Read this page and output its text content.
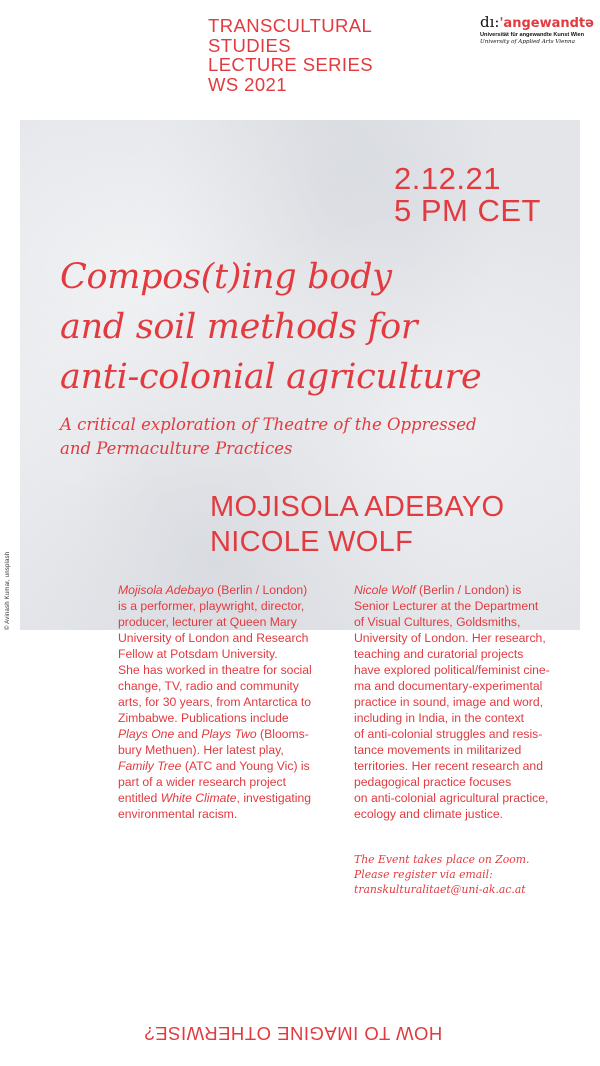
TRANSCULTURAL
STUDIES
LECTURE SERIES
WS 2021
dı:'angewandtə
Universität für angewandte Kunst Wien
University of Applied Arts Vienna
© Avinash Kumar, unsplash
2.12.21
5 PM CET
Compos(t)ing body
and soil methods for
anti-colonial agriculture
A critical exploration of Theatre of the Oppressed
and Permaculture Practices
MOJISOLA ADEBAYO
NICOLE WOLF
Mojisola Adebayo (Berlin / London)
is a performer, playwright, director,
producer, lecturer at Queen Mary
University of London and Research
Fellow at Potsdam University.
She has worked in theatre for social
change, TV, radio and community
arts, for 30 years, from Antarctica to
Zimbabwe. Publications include
Plays One and Plays Two (Blooms-
bury Methuen). Her latest play,
Family Tree (ATC and Young Vic) is
part of a wider research project
entitled White Climate, investigating
environmental racism.
Nicole Wolf (Berlin / London) is
Senior Lecturer at the Department
of Visual Cultures, Goldsmiths,
University of London. Her research,
teaching and curatorial projects
have explored political/feminist cine-
ma and documentary-experimental
practice in sound, image and word,
including in India, in the context
of anti-colonial struggles and resis-
tance movements in militarized
territories. Her recent research and
pedagogical practice focuses
on anti-colonial agricultural practice,
ecology and climate justice.
The Event takes place on Zoom.
Please register via email:
transkulturalitaet@uni-ak.ac.at
HOW TO IMAGINE OTHERWISE?
